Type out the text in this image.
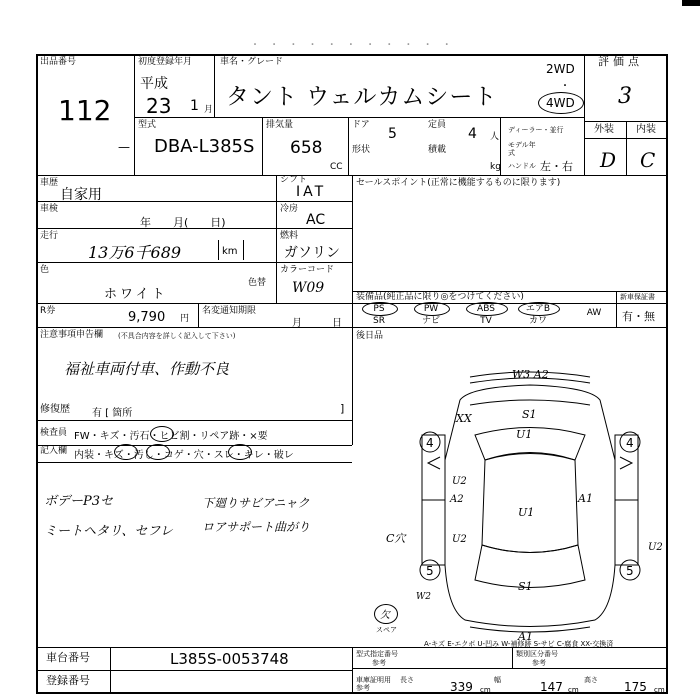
・ ・ ・ ・ ・ ・ ・ ・ ・ ・ ・
出品番号
112
—
初度登録年月
平成
23 1 月
車名・グレード
タント ウェルカムシート
2WD
・
4WD
型式
DBA-L385S
排気量
658
CC
ドア
5
定員
4 人
形状	積載
kg
ディーラー・並行
モデル年式
ハンドル 左・右
評価点
3
外装 内装
D C
車歴
自家用
車検
年　　月(　　日)
走行
13万6千689	km
シフト
IAT
冷房
AC
燃料
ガソリン
セールスポイント(正常に機能するものに限ります)
色
ホワイト
色替
カラーコード
W09
装備品(純正品に限り◎をつけてください)
PS
SR
PW
ナビ
ABS
TV
エアB
カワ
AW
新車保証書
有・無
後日品
R券	9,790 円
名変通知期限
月　　　日
注意事項申告欄 (不具合内容を詳しく記入して下さい)
福祉車両付車、作動不良
修復歴 有 [ 箇所	]
検査員
記入欄
FW・キズ・汚石・ヒビ割・リペア跡・×要
内装・キズ・汚し・コゲ・穴・スレ・キレ・破レ
ボデーP3セ
ミートヘタリ、セフレ
下廻りサビアニャク
ロアサポート曲がり
W3 A2
XX	S1
U1
4	4
U2
A2
U1
A1
U2
C穴
U2
5	5
S1
W2
欠
スペア	A1
A-キズ E-エクボ U-凹み W-補修跡 S-サビ C-腐食 XX-交換済
車台番号	L385S-0053748
登録番号
型式指定番号
参考
類別区分番号
参考
車庫証明用参考
長さ	339 cm
幅	147 cm
高さ 175 cm
